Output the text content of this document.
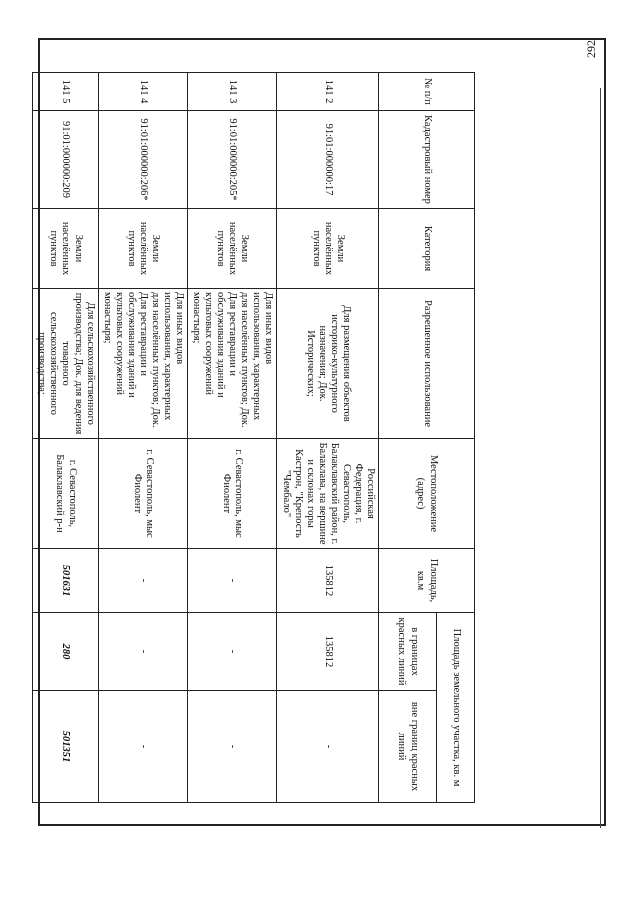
292
№ п/п	Кадастровый номер	Категория	Разрешенное использование	Местоположение (адрес)	Площадь, кв.м	Площадь земельного участка, кв. м	
						в границах красных линий	вне границ красных линий
141 2	91:01:000000:17	Земли населённых пунктов	Для размещения объектов историко-культурного назначения; Док. Исторических;	Российская Федерация, г. Севастополь, Балаклавский район, г. Балаклава, на вершине и склонах горы Кастрон, "Крепость "Чембало"	135812	135812	-
141 3	91:01:000000:205*	Земли населённых пунктов	Для иных видов использования, характерных для населённых пунктов; Док. Для реставрации и обслуживания зданий и культовых сооружений монастыря;	г. Севастополь, мыс Фиолент	-	-	-
141 4	91:01:000000:206*	Земли населённых пунктов	Для иных видов использования, характерных для населённых пунктов; Док. Для реставрации и обслуживания зданий и культовых сооружений монастыря;	г. Севастополь, мыс Фиолент	-	-	-
141 5	91:01:000000:209	Земли населённых пунктов	Для сельскохозяйственного производства; Док. для ведения товарного сельскохозяйственного производства;	г. Севастополь, Балаклавский р-н	501631	280	501351
